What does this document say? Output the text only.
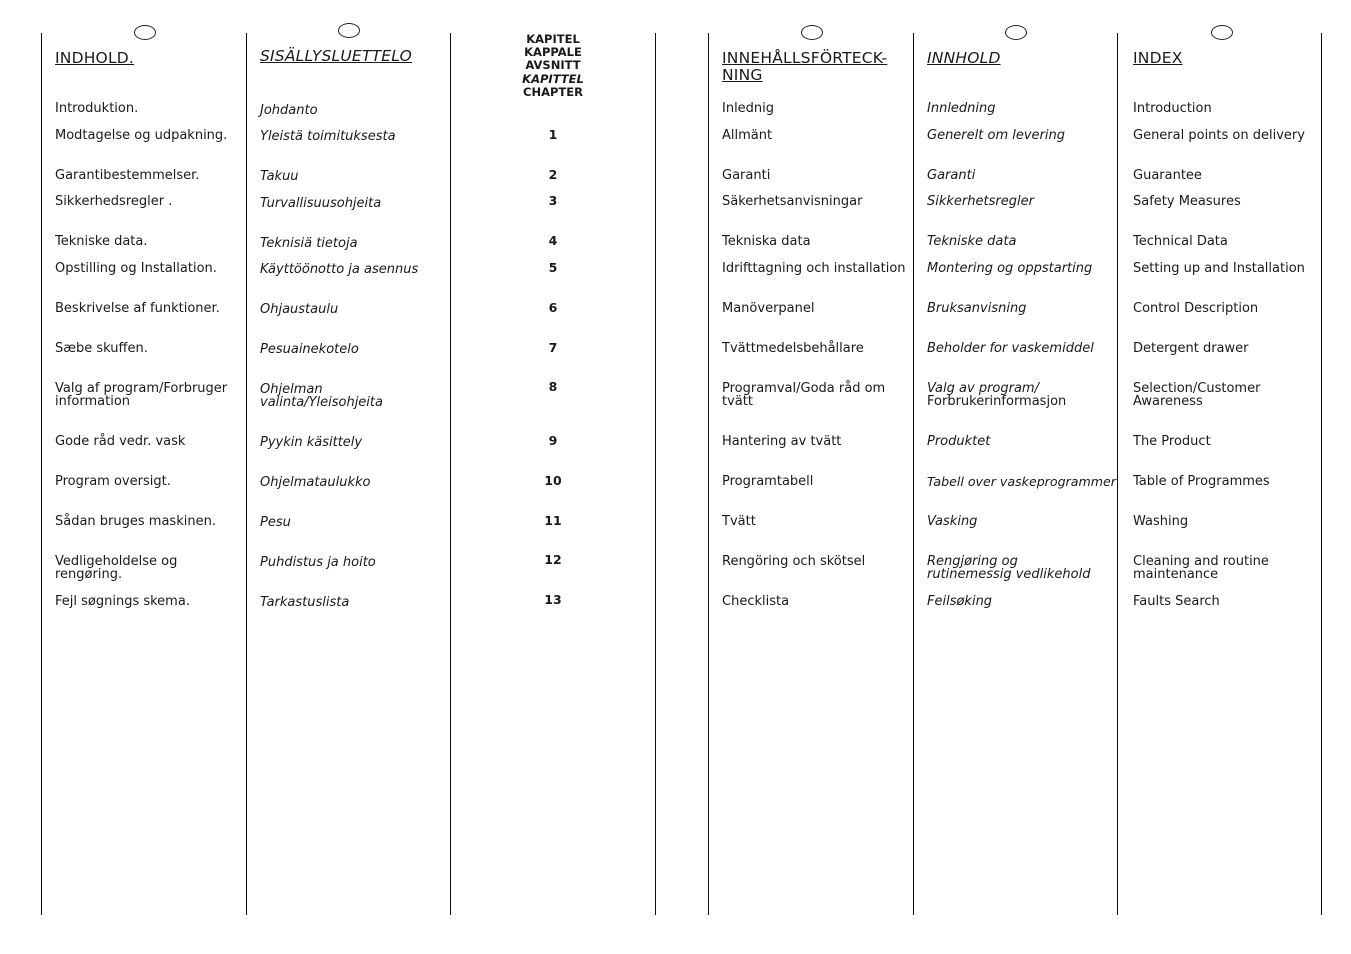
INDHOLD.
Introduktion.
Modtagelse og udpakning.
Garantibestemmelser.
Sikkerhedsregler .
Tekniske data.
Opstilling og Installation.
Beskrivelse af funktioner.
Sæbe skuffen.
Valg af program/Forbruger information
Gode råd vedr. vask
Program oversigt.
Sådan bruges maskinen.
Vedligeholdelse og rengøring.
Fejl søgnings skema.
SISÄLLYSLUETTELO
Johdanto
Yleistä toimituksesta
Takuu
Turvallisuusohjeita
Teknisiä tietoja
Käyttöönotto ja asennus
Ohjaustaulu
Pesuainekotelo
Ohjelman valinta/Yleisohjeita
Pyykin käsittely
Ohjelmataulukko
Pesu
Puhdistus ja hoito
Tarkastuslista
KAPITEL
KAPPALE
AVSNITT
KAPITTEL
CHAPTER
1
2
3
4
5
6
7
8
9
10
11
12
13
INNEHÅLLSFÖRTECK-NING
Inlednig
Allmänt
Garanti
Säkerhetsanvisningar
Tekniska data
Idrifttagning och installation
Manöverpanel
Tvättmedelsbehållare
Programval/Goda råd om tvätt
Hantering av tvätt
Programtabell
Tvätt
Rengöring och skötsel
Checklista
INNHOLD
Innledning
Generelt om levering
Garanti
Sikkerhetsregler
Tekniske data
Montering og oppstarting
Bruksanvisning
Beholder for vaskemiddel
Valg av program/
Forbrukerinformasjon
Produktet
Tabell over vaskeprogrammer
Vasking
Rengjøring og rutinemessig vedlikehold
Feilsøking
INDEX
Introduction
General points on delivery
Guarantee
Safety Measures
Technical Data
Setting up and Installation
Control Description
Detergent drawer
Selection/Customer Awareness
The Product
Table of Programmes
Washing
Cleaning and routine maintenance
Faults Search
